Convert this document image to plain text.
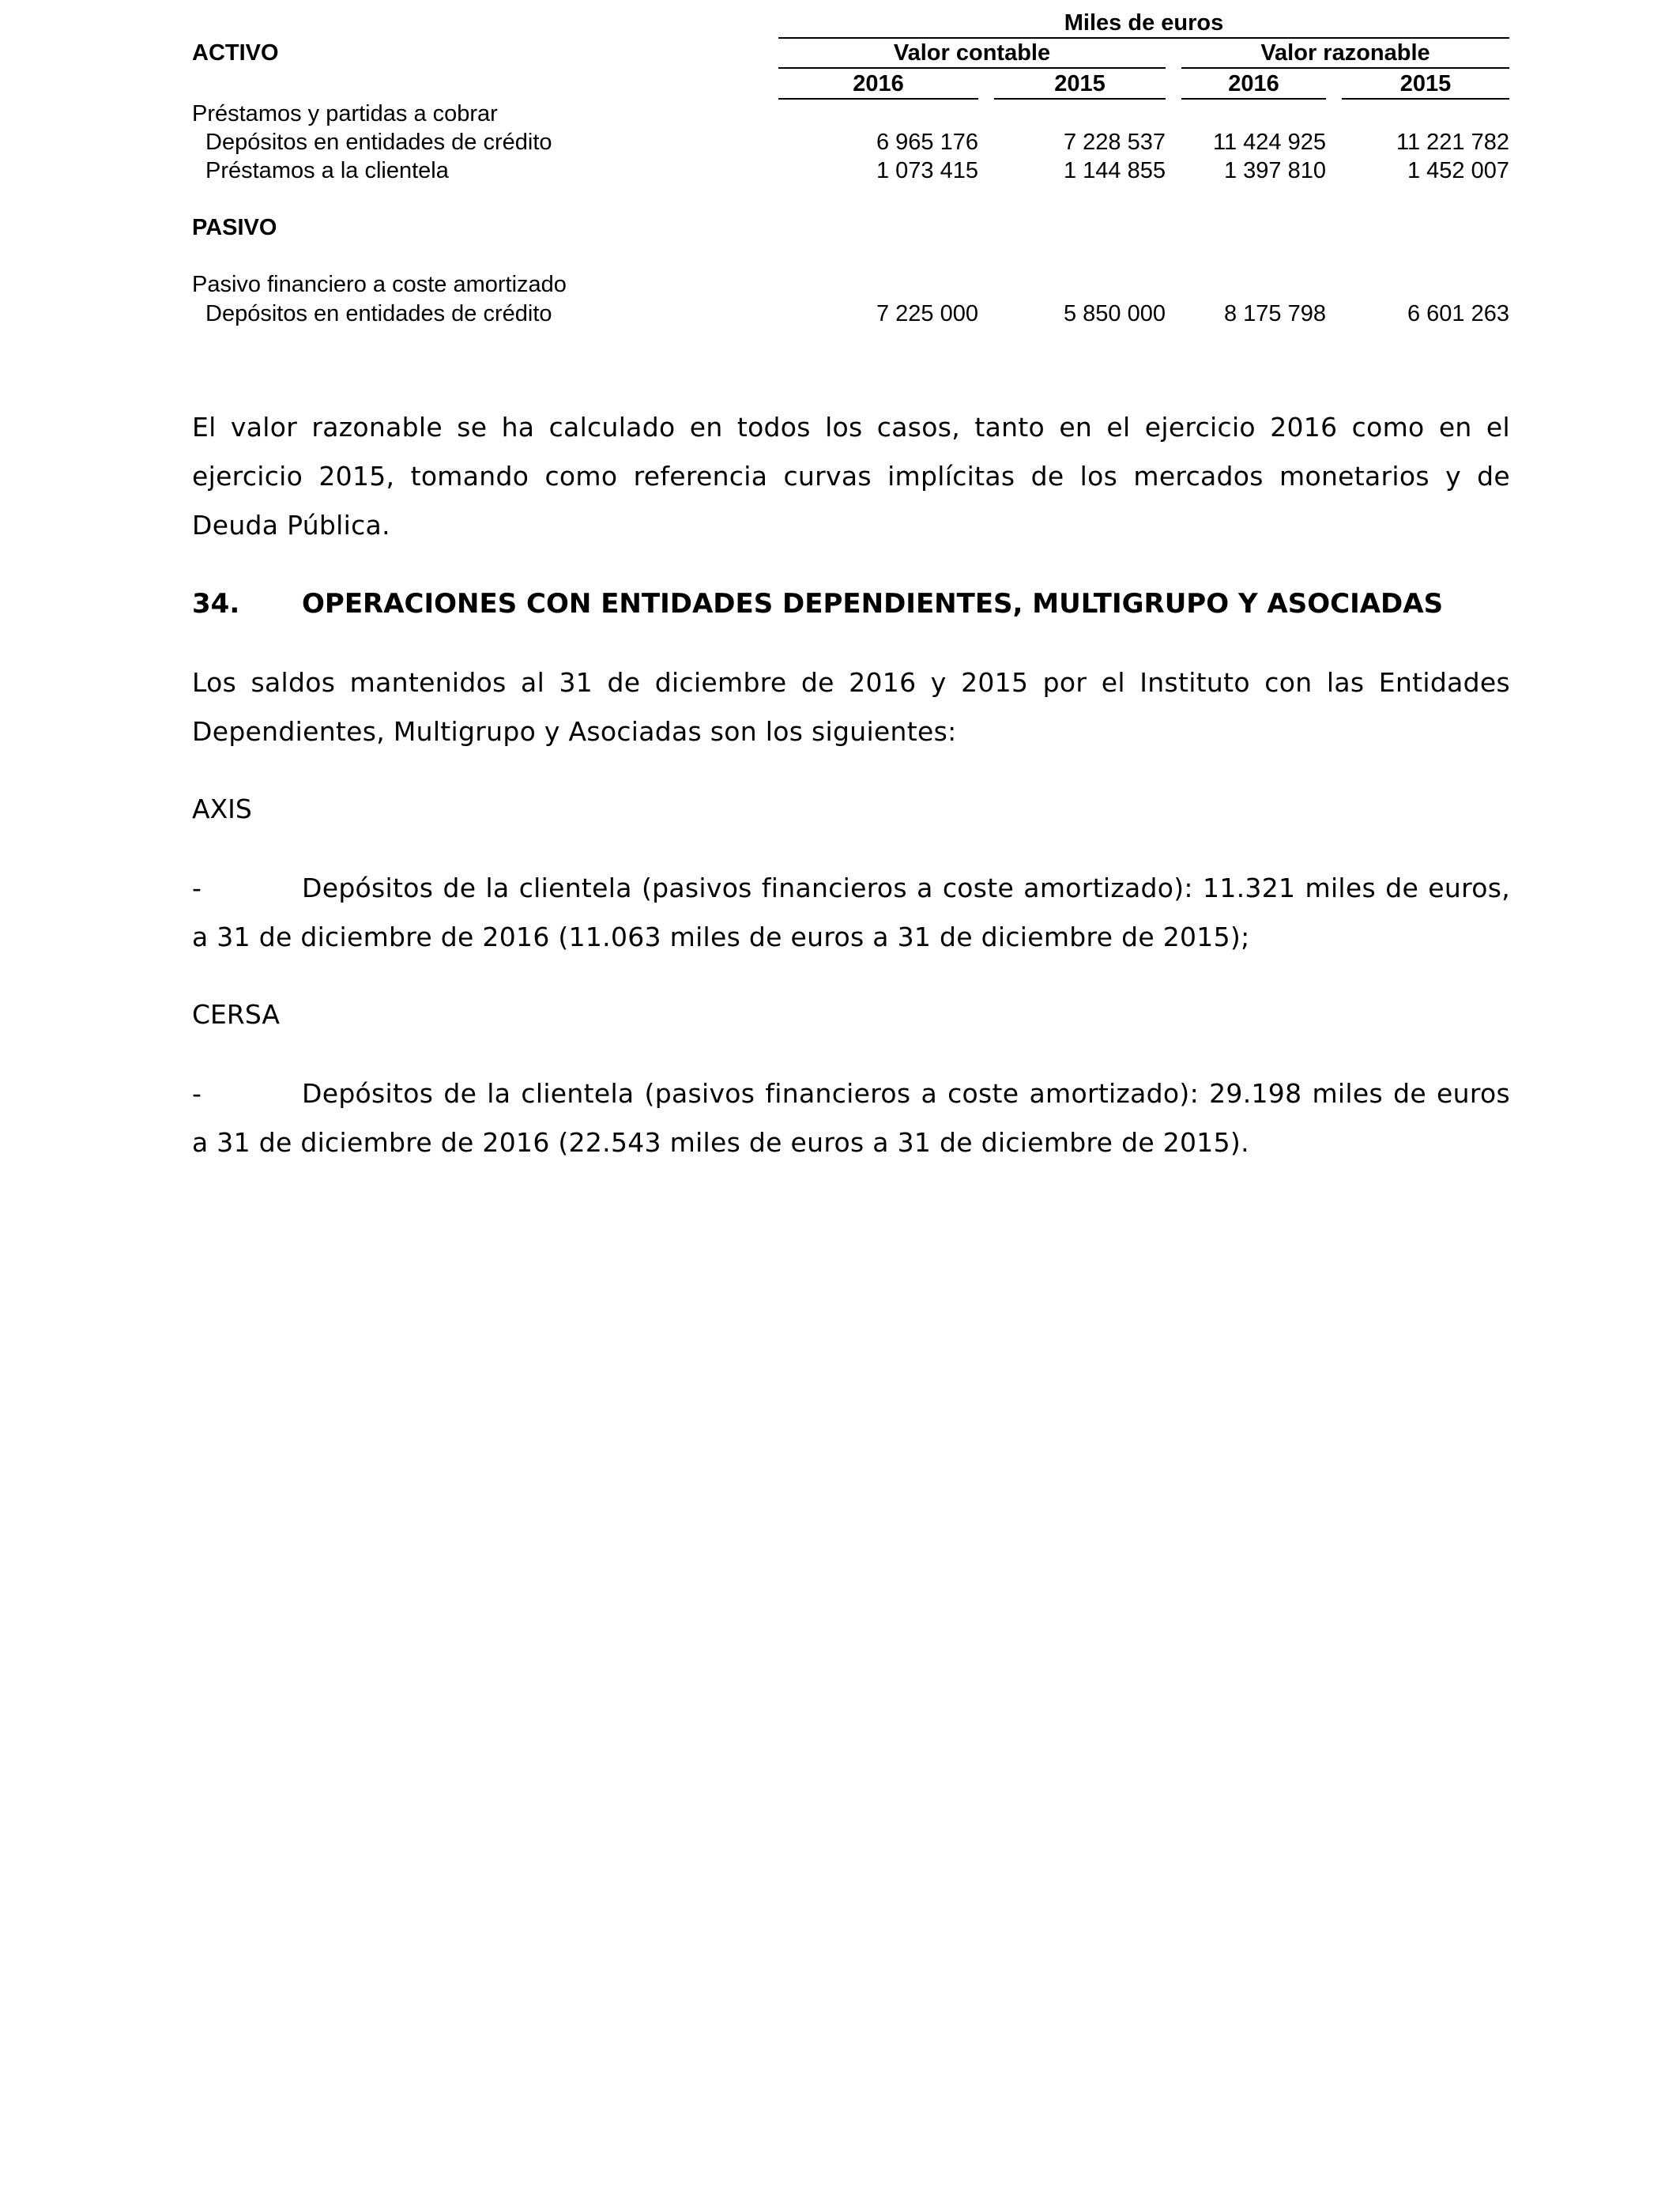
Miles de euros
ACTIVO	Valor contable	Valor razonable
2016	2015	2016	2015
Préstamos y partidas a cobrar
Depósitos en entidades de crédito	6 965 176	7 228 537	11 424 925	11 221 782
Préstamos a la clientela	1 073 415	1 144 855	1 397 810	1 452 007
PASIVO
Pasivo financiero a coste amortizado
Depósitos en entidades de crédito	7 225 000	5 850 000	8 175 798	6 601 263

El valor razonable se ha calculado en todos los casos, tanto en el ejercicio 2016 como en el ejercicio 2015, tomando como referencia curvas implícitas de los mercados monetarios y de Deuda Pública.

34. OPERACIONES CON ENTIDADES DEPENDIENTES, MULTIGRUPO Y ASOCIADAS

Los saldos mantenidos al 31 de diciembre de 2016 y 2015 por el Instituto con las Entidades Dependientes, Multigrupo y Asociadas son los siguientes:

AXIS

-	Depósitos de la clientela (pasivos financieros a coste amortizado): 11.321 miles de euros, a 31 de diciembre de 2016 (11.063 miles de euros a 31 de diciembre de 2015);

CERSA

-	Depósitos de la clientela (pasivos financieros a coste amortizado): 29.198 miles de euros a 31 de diciembre de 2016 (22.543 miles de euros a 31 de diciembre de 2015).
